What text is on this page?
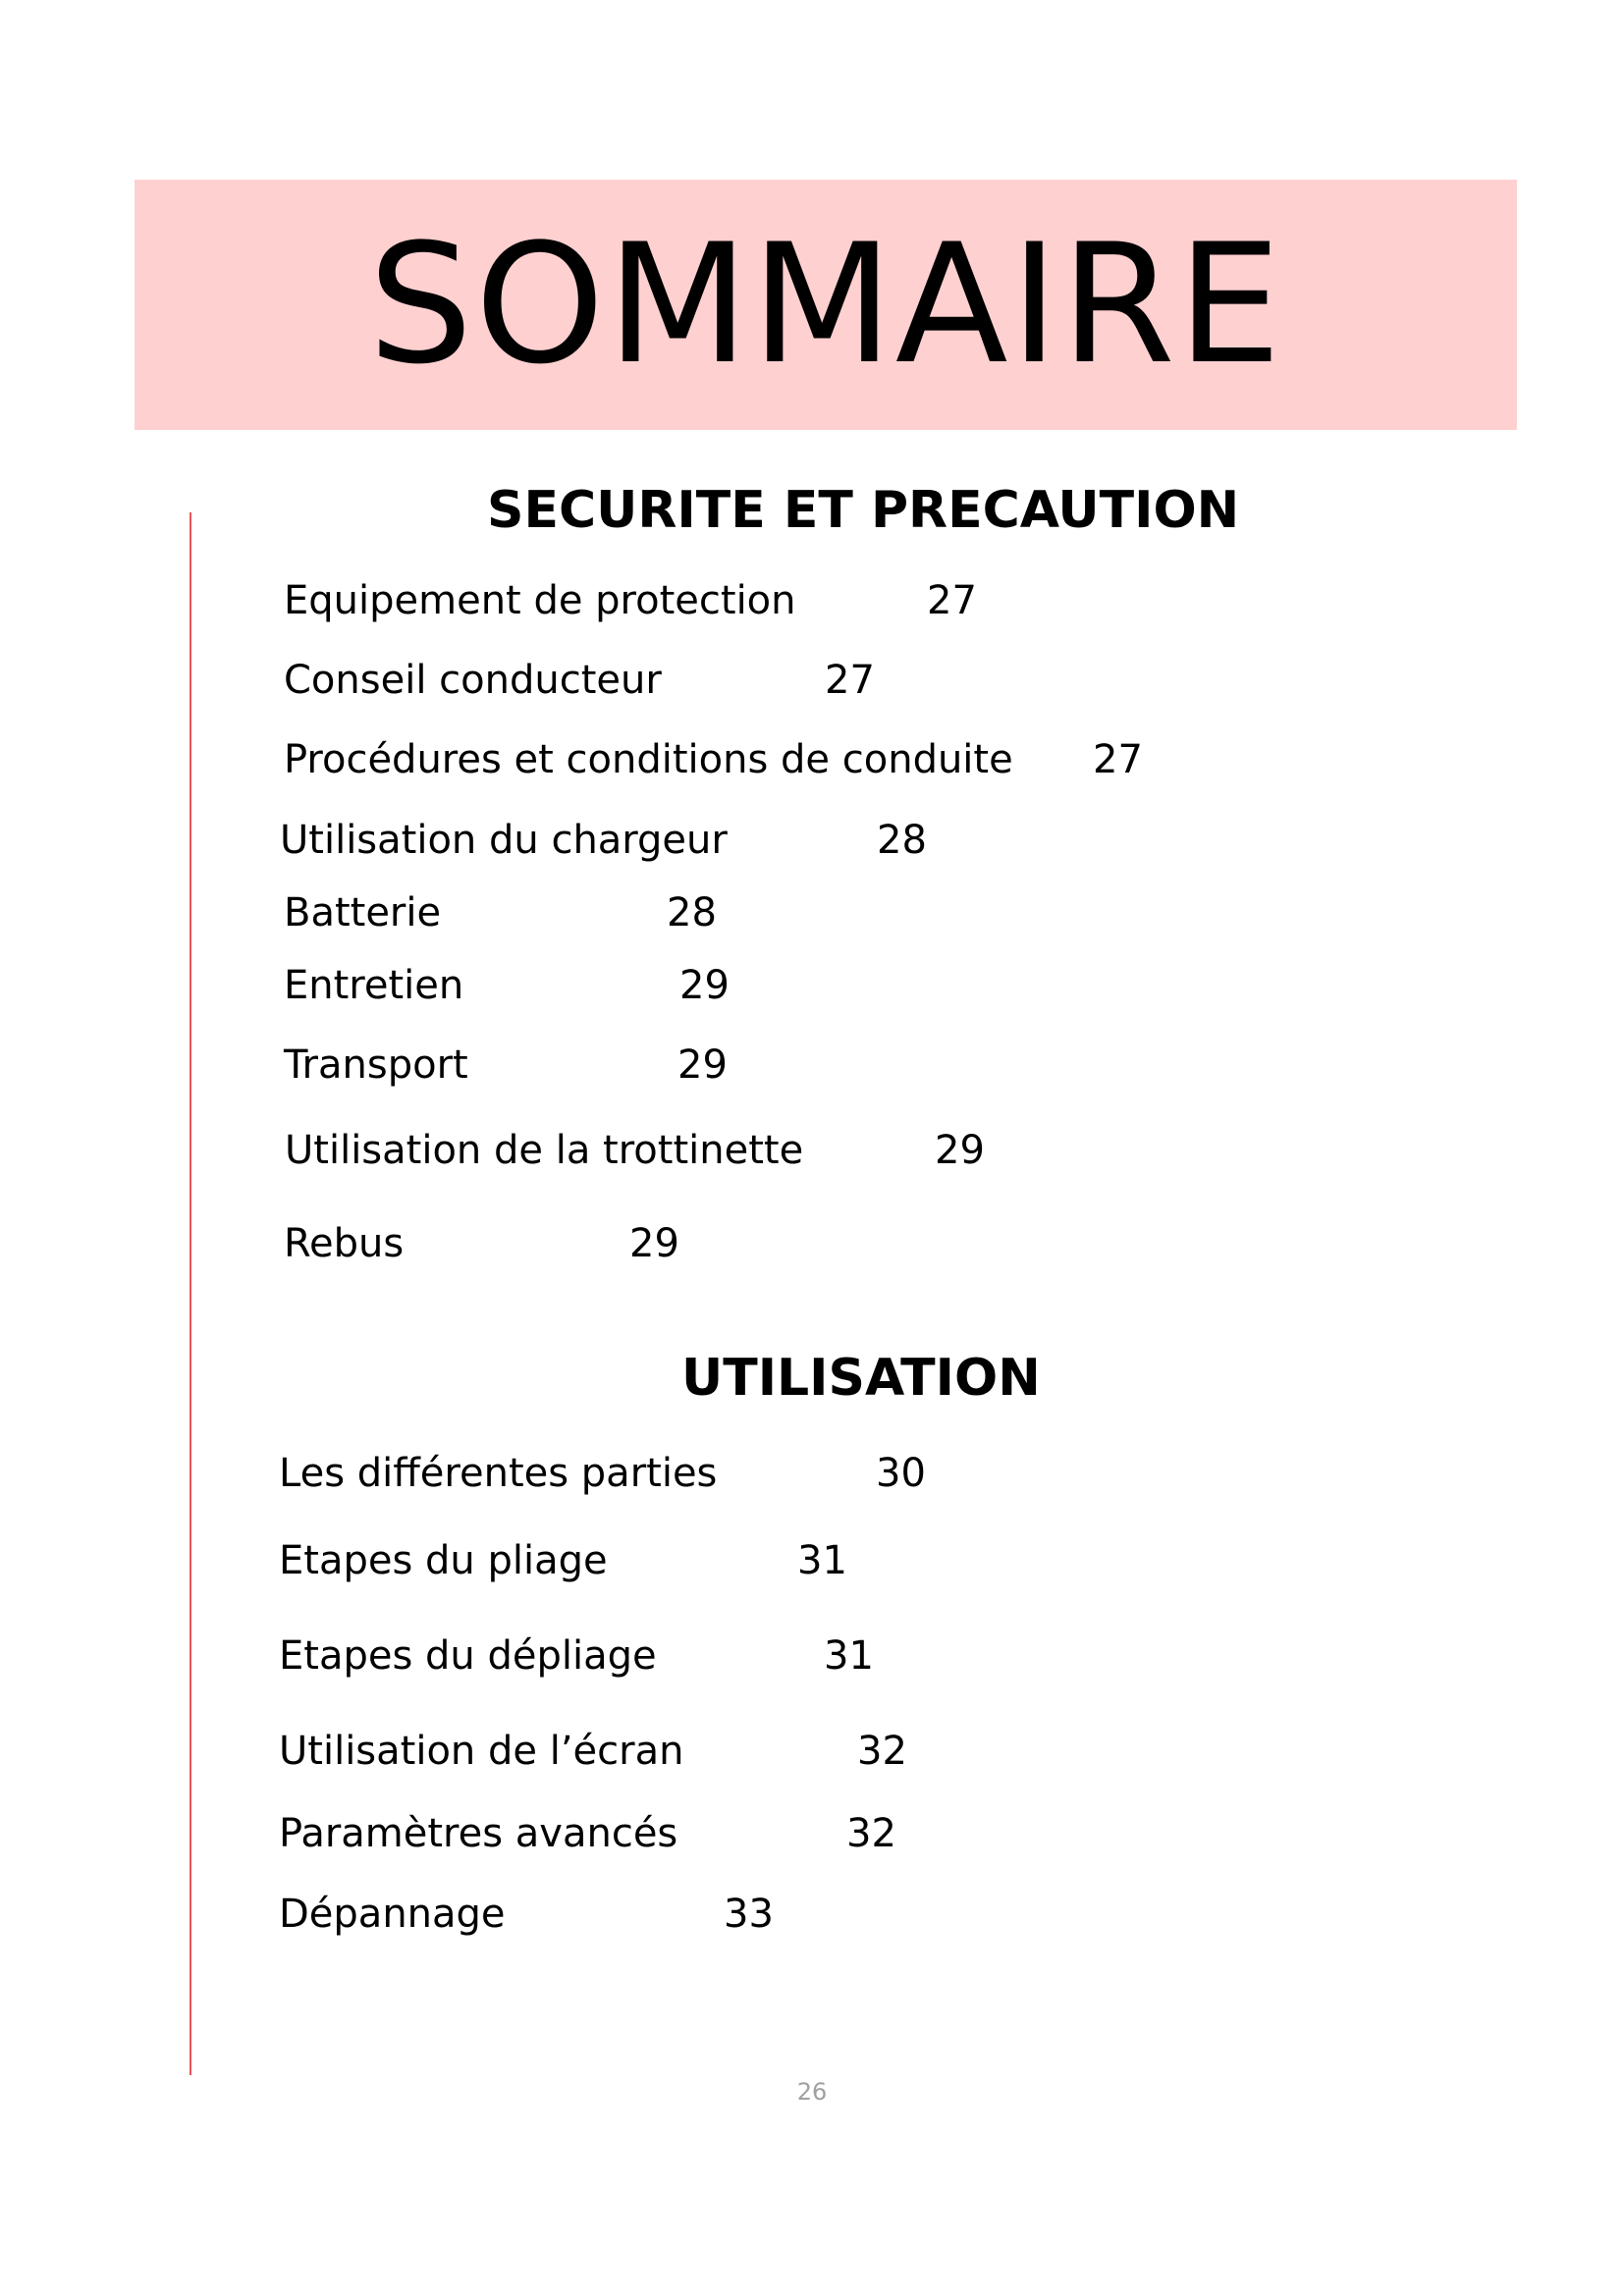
SOMMAIRE
SECURITE ET PRECAUTION
Equipement de protection	27
Conseil conducteur	27
Procédures et conditions de conduite 27
Utilisation du chargeur	28
Batterie	28
Entretien	29
Transport	29
Utilisation de la trottinette	29
Rebus	29
UTILISATION
Les différentes parties	30
Etapes du pliage	31
Etapes du dépliage	31
Utilisation de l’écran	32
Paramètres avancés	32
Dépannage	33
26
